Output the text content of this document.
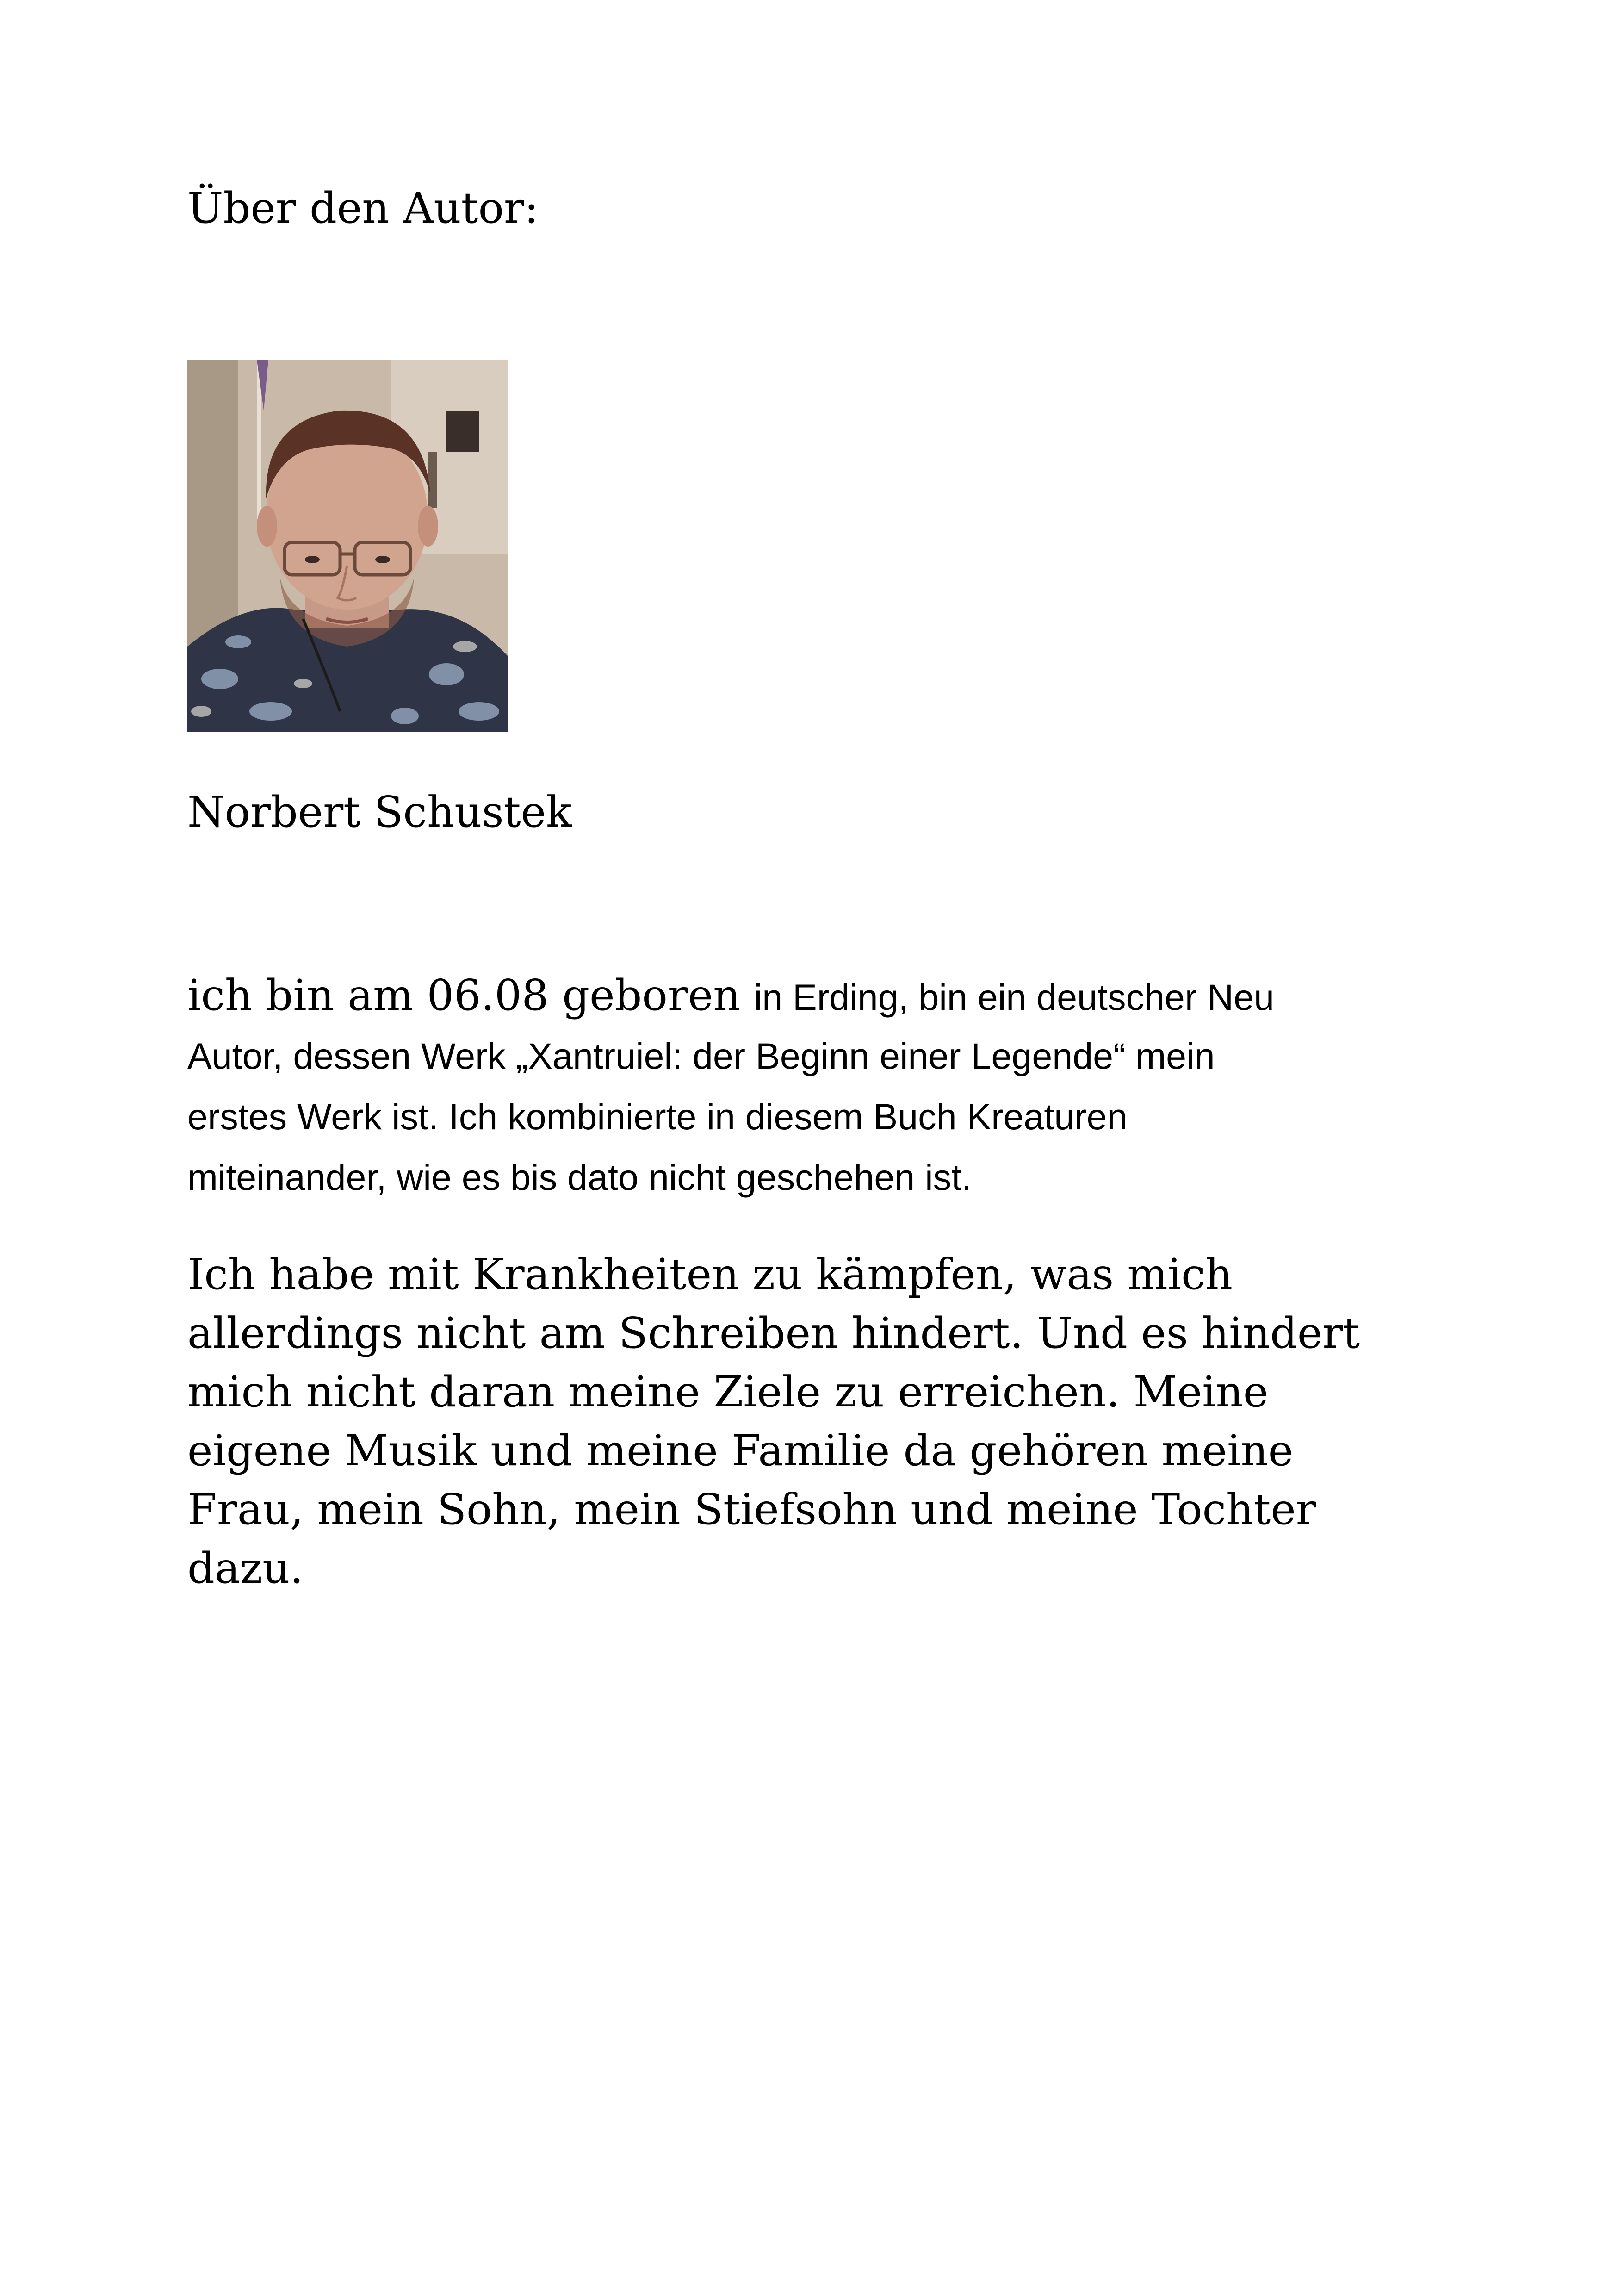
Über den Autor:
Norbert Schustek
ich bin am 06.08 geboren in Erding, bin ein deutscher Neu
Autor, dessen Werk „Xantruiel: der Beginn einer Legende“ mein
erstes Werk ist. Ich kombinierte in diesem Buch Kreaturen
miteinander, wie es bis dato nicht geschehen ist.
Ich habe mit Krankheiten zu kämpfen, was mich
allerdings nicht am Schreiben hindert. Und es hindert
mich nicht daran meine Ziele zu erreichen. Meine
eigene Musik und meine Familie da gehören meine
Frau, mein Sohn, mein Stiefsohn und meine Tochter
dazu.
